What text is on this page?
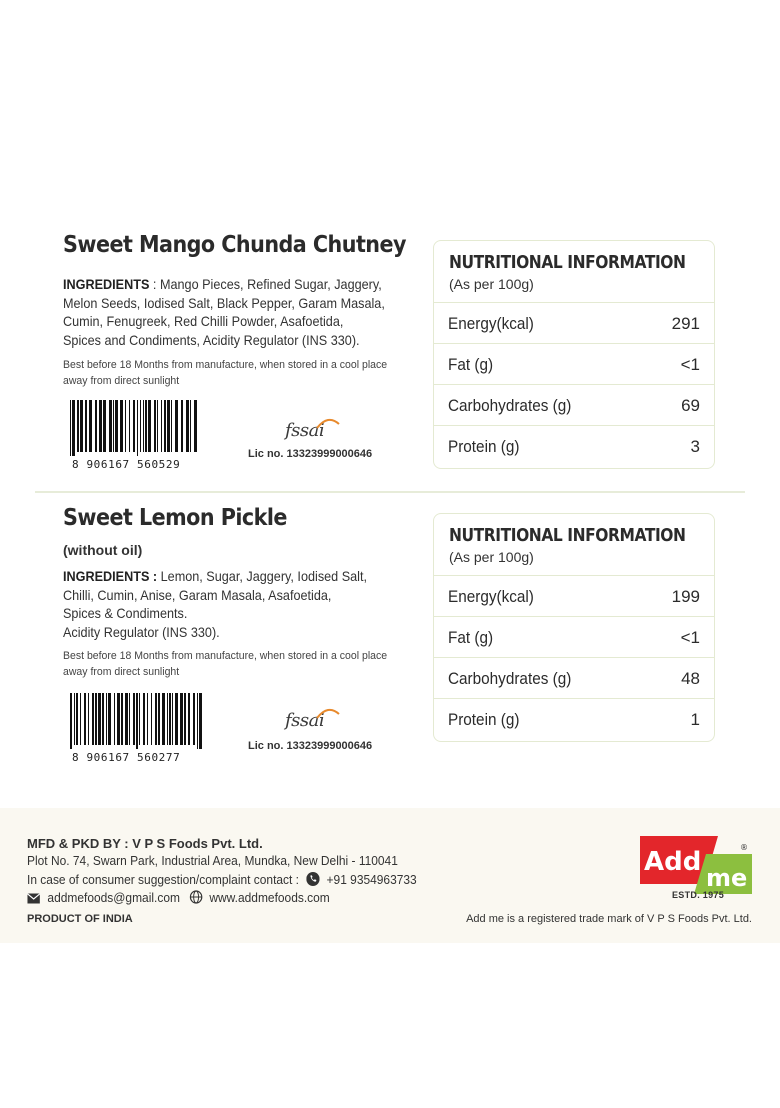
Sweet Mango Chunda Chutney
INGREDIENTS : Mango Pieces, Refined Sugar, Jaggery,
Melon Seeds, Iodised Salt, Black Pepper, Garam Masala,
Cumin, Fenugreek, Red Chilli Powder, Asafoetida,
Spices and Condiments, Acidity Regulator (INS 330).
Best before 18 Months from manufacture, when stored in a cool place
away from direct sunlight
8 906167 560529
fssai
Lic no. 13323999000646
NUTRITIONAL INFORMATION
(As per 100g)
Energy(kcal)	291
Fat (g)	<1
Carbohydrates (g)	69
Protein (g)	3
Sweet Lemon Pickle
(without oil)
INGREDIENTS : Lemon, Sugar, Jaggery, Iodised Salt,
Chilli, Cumin, Anise, Garam Masala, Asafoetida,
Spices & Condiments.
Acidity Regulator (INS 330).
Best before 18 Months from manufacture, when stored in a cool place
away from direct sunlight
8 906167 560277
fssai
Lic no. 13323999000646
NUTRITIONAL INFORMATION
(As per 100g)
Energy(kcal)	199
Fat (g)	<1
Carbohydrates (g)	48
Protein (g)	1
MFD & PKD BY : V P S Foods Pvt. Ltd.
Plot No. 74, Swarn Park, Industrial Area, Mundka, New Delhi - 110041
In case of consumer suggestion/complaint contact : +91 9354963733
addmefoods@gmail.com www.addmefoods.com
PRODUCT OF INDIA	Add me is a registered trade mark of V P S Foods Pvt. Ltd.
Add
me
®
ESTD. 1975
